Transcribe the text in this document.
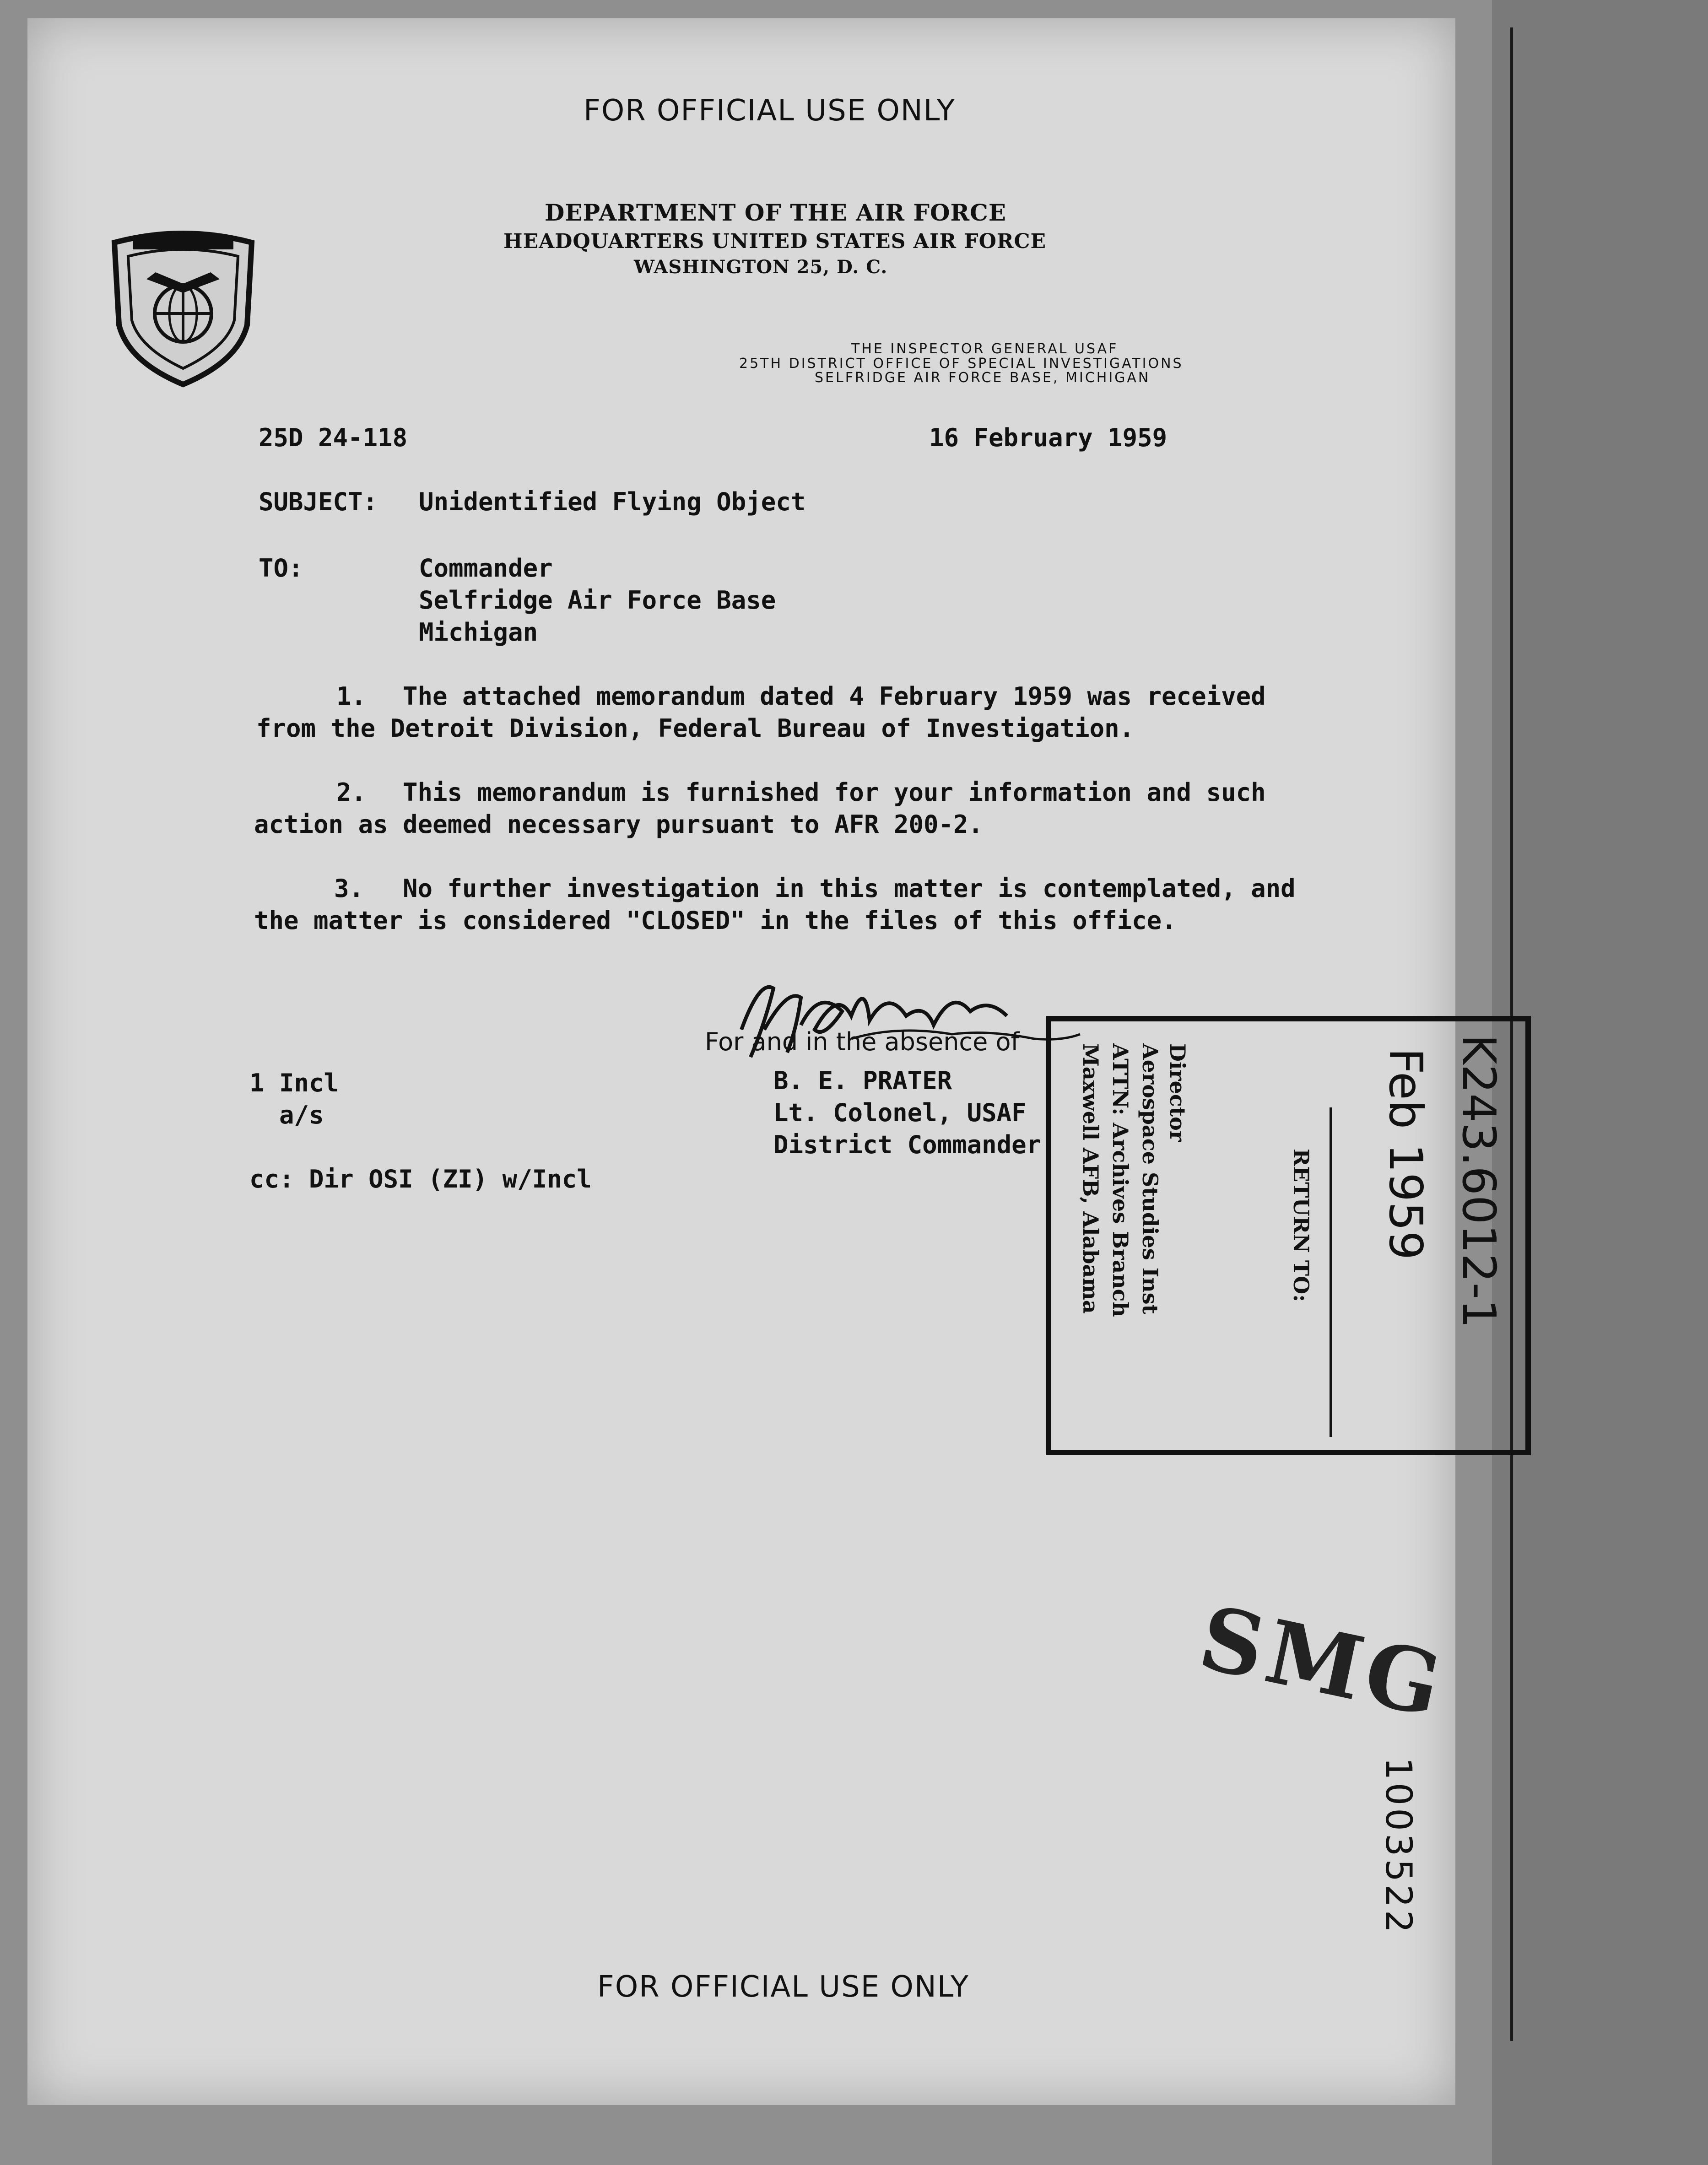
FOR OFFICIAL USE ONLY
DEPARTMENT OF THE AIR FORCE
HEADQUARTERS UNITED STATES AIR FORCE
WASHINGTON 25, D. C.
THE INSPECTOR GENERAL USAF
25TH DISTRICT OFFICE OF SPECIAL INVESTIGATIONS
SELFRIDGE AIR FORCE BASE, MICHIGAN
25D 24-118	16 February 1959
SUBJECT: Unidentified Flying Object
TO:	Commander
Selfridge Air Force Base
Michigan
1. The attached memorandum dated 4 February 1959 was received
from the Detroit Division, Federal Bureau of Investigation.
2. This memorandum is furnished for your information and such
action as deemed necessary pursuant to AFR 200-2.
3. No further investigation in this matter is contemplated, and
the matter is considered "CLOSED" in the files of this office.
For and in the absence of
B. E. PRATER
Lt. Colonel, USAF
District Commander
1 Incl
a/s
cc: Dir OSI (ZI) w/Incl	RETURN TO:
Director
Aerospace Studies Inst
ATTN: Archives Branch
Maxwell AFB, Alabama	K243.6012-1
Feb 1959
SMG
1003522
FOR OFFICIAL USE ONLY
